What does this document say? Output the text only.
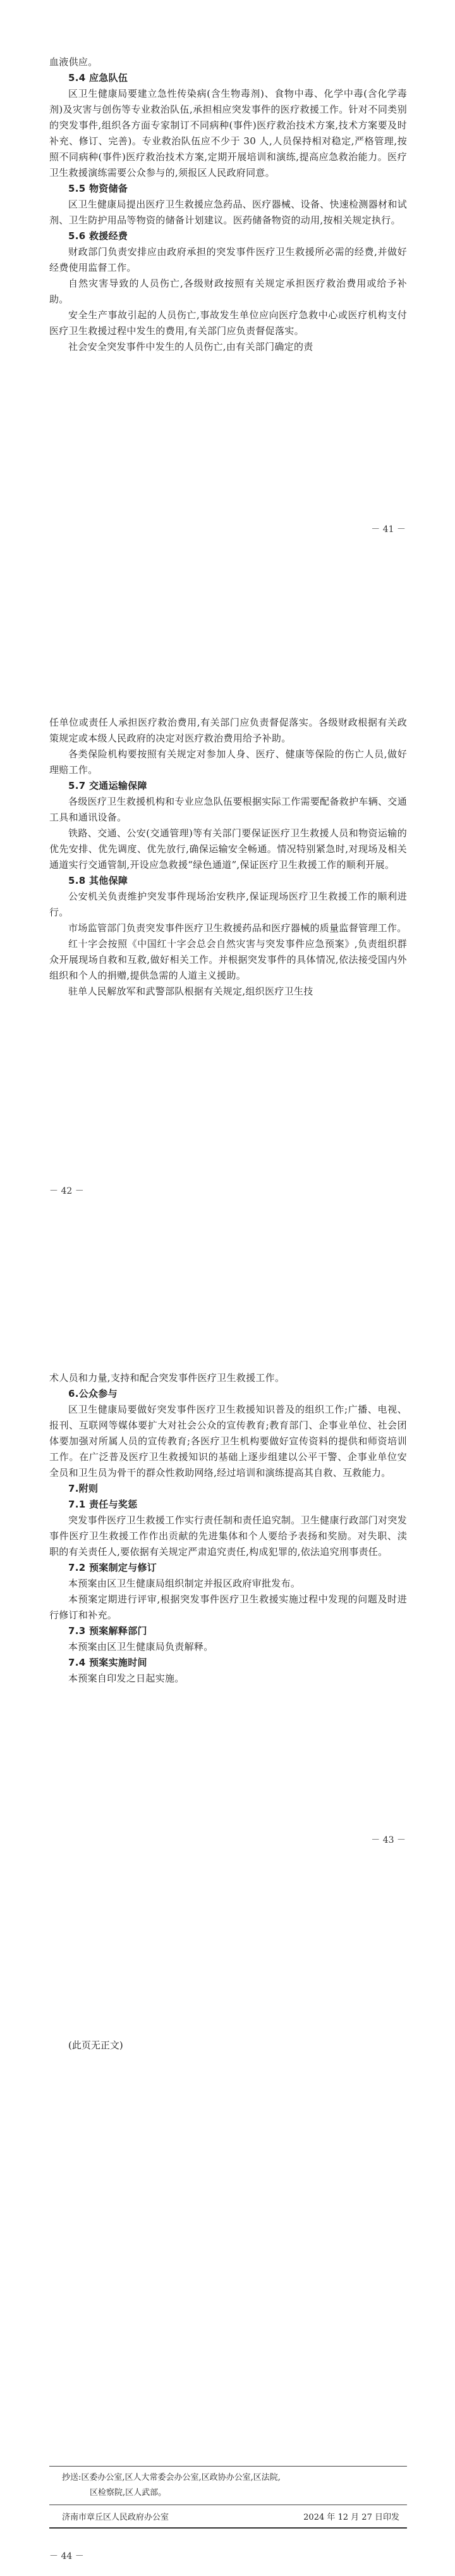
血液供应。

5.4 应急队伍

区卫生健康局要建立急性传染病(含生物毒剂)、食物中毒、化学中毒(含化学毒剂)及灾害与创伤等专业救治队伍,承担相应突发事件的医疗救援工作。针对不同类别的突发事件,组织各方面专家制订不同病种(事件)医疗救治技术方案,技术方案要及时补充、修订、完善)。专业救治队伍应不少于 30 人,人员保持相对稳定,严格管理,按照不同病种(事件)医疗救治技术方案,定期开展培训和演练,提高应急救治能力。医疗卫生救援演练需要公众参与的,须报区人民政府同意。

5.5 物资储备

区卫生健康局提出医疗卫生救援应急药品、医疗器械、设备、快速检测器材和试剂、卫生防护用品等物资的储备计划建议。医药储备物资的动用,按相关规定执行。

5.6 救援经费

财政部门负责安排应由政府承担的突发事件医疗卫生救援所必需的经费,并做好经费使用监督工作。

自然灾害导致的人员伤亡,各级财政按照有关规定承担医疗救治费用或给予补助。

安全生产事故引起的人员伤亡,事故发生单位应向医疗急救中心或医疗机构支付医疗卫生救援过程中发生的费用,有关部门应负责督促落实。

社会安全突发事件中发生的人员伤亡,由有关部门确定的责

－ 41 －

任单位或责任人承担医疗救治费用,有关部门应负责督促落实。各级财政根据有关政策规定或本级人民政府的决定对医疗救治费用给予补助。

各类保险机构要按照有关规定对参加人身、医疗、健康等保险的伤亡人员,做好理赔工作。

5.7 交通运输保障

各级医疗卫生救援机构和专业应急队伍要根据实际工作需要配备救护车辆、交通工具和通讯设备。

铁路、交通、公安(交通管理)等有关部门要保证医疗卫生救援人员和物资运输的优先安排、优先调度、优先放行,确保运输安全畅通。情况特别紧急时,对现场及相关通道实行交通管制,开设应急救援“绿色通道”,保证医疗卫生救援工作的顺利开展。

5.8 其他保障

公安机关负责维护突发事件现场治安秩序,保证现场医疗卫生救援工作的顺利进行。

市场监管部门负责突发事件医疗卫生救援药品和医疗器械的质量监督管理工作。

红十字会按照《中国红十字会总会自然灾害与突发事件应急预案》,负责组织群众开展现场自救和互救,做好相关工作。并根据突发事件的具体情况,依法接受国内外组织和个人的捐赠,提供急需的人道主义援助。

驻单人民解放军和武警部队根据有关规定,组织医疗卫生技

－ 42 －

术人员和力量,支持和配合突发事件医疗卫生救援工作。

6.公众参与

区卫生健康局要做好突发事件医疗卫生救援知识普及的组织工作;广播、电视、报刊、互联网等媒体要扩大对社会公众的宣传教育;教育部门、企事业单位、社会团体要加强对所属人员的宣传教育;各医疗卫生机构要做好宣传资料的提供和师资培训工作。在广泛普及医疗卫生救援知识的基础上逐步组建以公平干警、企事业单位安全员和卫生员为骨干的群众性救助网络,经过培训和演练提高其自救、互救能力。

7.附则

7.1 责任与奖惩

突发事件医疗卫生救援工作实行责任制和责任追究制。卫生健康行政部门对突发事件医疗卫生救援工作作出贡献的先进集体和个人要给予表扬和奖励。对失职、渎职的有关责任人,要依据有关规定严肃追究责任,构成犯罪的,依法追究刑事责任。

7.2 预案制定与修订

本预案由区卫生健康局组织制定并报区政府审批发布。

本预案定期进行评审,根据突发事件医疗卫生救援实施过程中发现的问题及时进行修订和补充。

7.3 预案解释部门

本预案由区卫生健康局负责解释。

7.4 预案实施时间

本预案自印发之日起实施。

－ 43 －
(此页无正文)
抄送:区委办公室,区人大常委会办公室,区政协办公室,区法院,
区检察院,区人武部。
济南市章丘区人民政府办公室	2024 年 12 月 27 日印发
－ 44 －
